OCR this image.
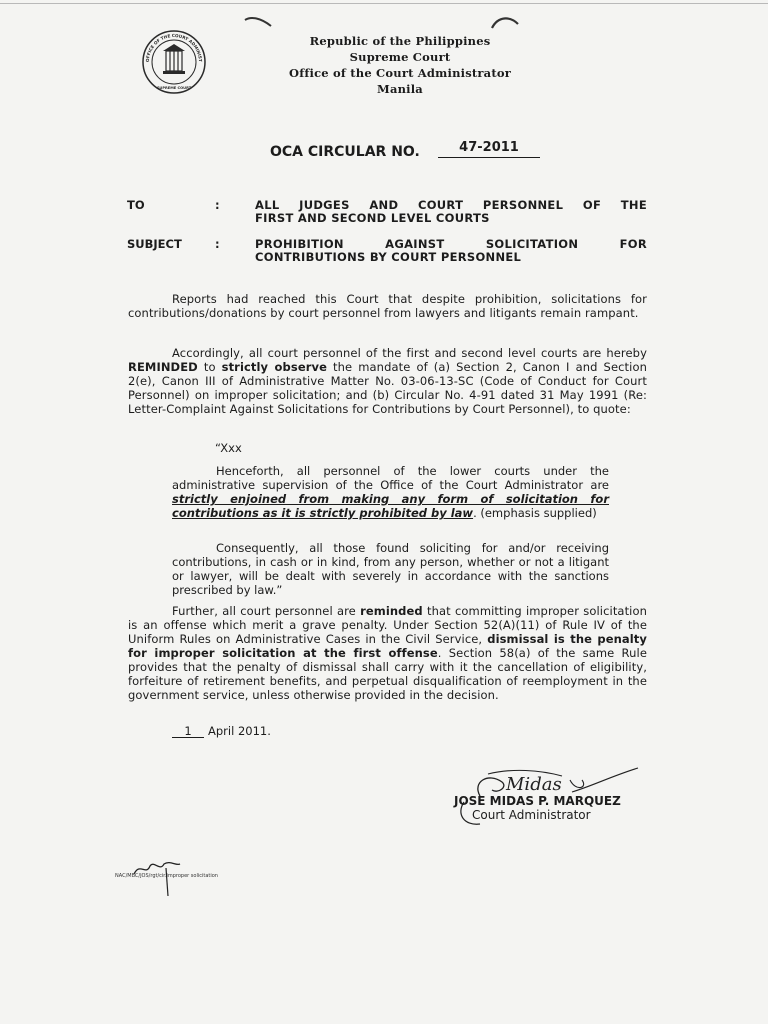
OFFICE OF THE COURT ADMINIST
SUPREME COURT
Republic of the Philippines
Supreme Court
Office of the Court Administrator
Manila
OCA CIRCULAR NO.	47-2011
TO	:	ALL JUDGES AND COURT PERSONNEL OF THE
FIRST AND SECOND LEVEL COURTS
SUBJECT	:	PROHIBITION AGAINST SOLICITATION FOR
CONTRIBUTIONS BY COURT PERSONNEL
Reports had reached this Court that despite prohibition, solicitations for contributions/donations by court personnel from lawyers and litigants remain rampant.
Accordingly, all court personnel of the first and second level courts are hereby REMINDED to strictly observe the mandate of (a) Section 2, Canon I and Section 2(e), Canon III of Administrative Matter No. 03-06-13-SC (Code of Conduct for Court Personnel) on improper solicitation; and (b) Circular No. 4-91 dated 31 May 1991 (Re: Letter-Complaint Against Solicitations for Contributions by Court Personnel), to quote:
“Xxx
Henceforth, all personnel of the lower courts under the administrative supervision of the Office of the Court Administrator are strictly enjoined from making any form of solicitation for contributions as it is strictly prohibited by law. (emphasis supplied)
Consequently, all those found soliciting for and/or receiving contributions, in cash or in kind, from any person, whether or not a litigant or lawyer, will be dealt with severely in accordance with the sanctions prescribed by law.”
Further, all court personnel are reminded that committing improper solicitation is an offense which merit a grave penalty. Under Section 52(A)(11) of Rule IV of the Uniform Rules on Administrative Cases in the Civil Service, dismissal is the penalty for improper solicitation at the first offense. Section 58(a) of the same Rule provides that the penalty of dismissal shall carry with it the cancellation of eligibility, forfeiture of retirement benefits, and perpetual disqualification of reemployment in the government service, unless otherwise provided in the decision.
1 April 2011.
Midas
JOSE MIDAS P. MARQUEZ
Court Administrator
NAC/MBC/JOS/rgt/cir.improper solicitation
